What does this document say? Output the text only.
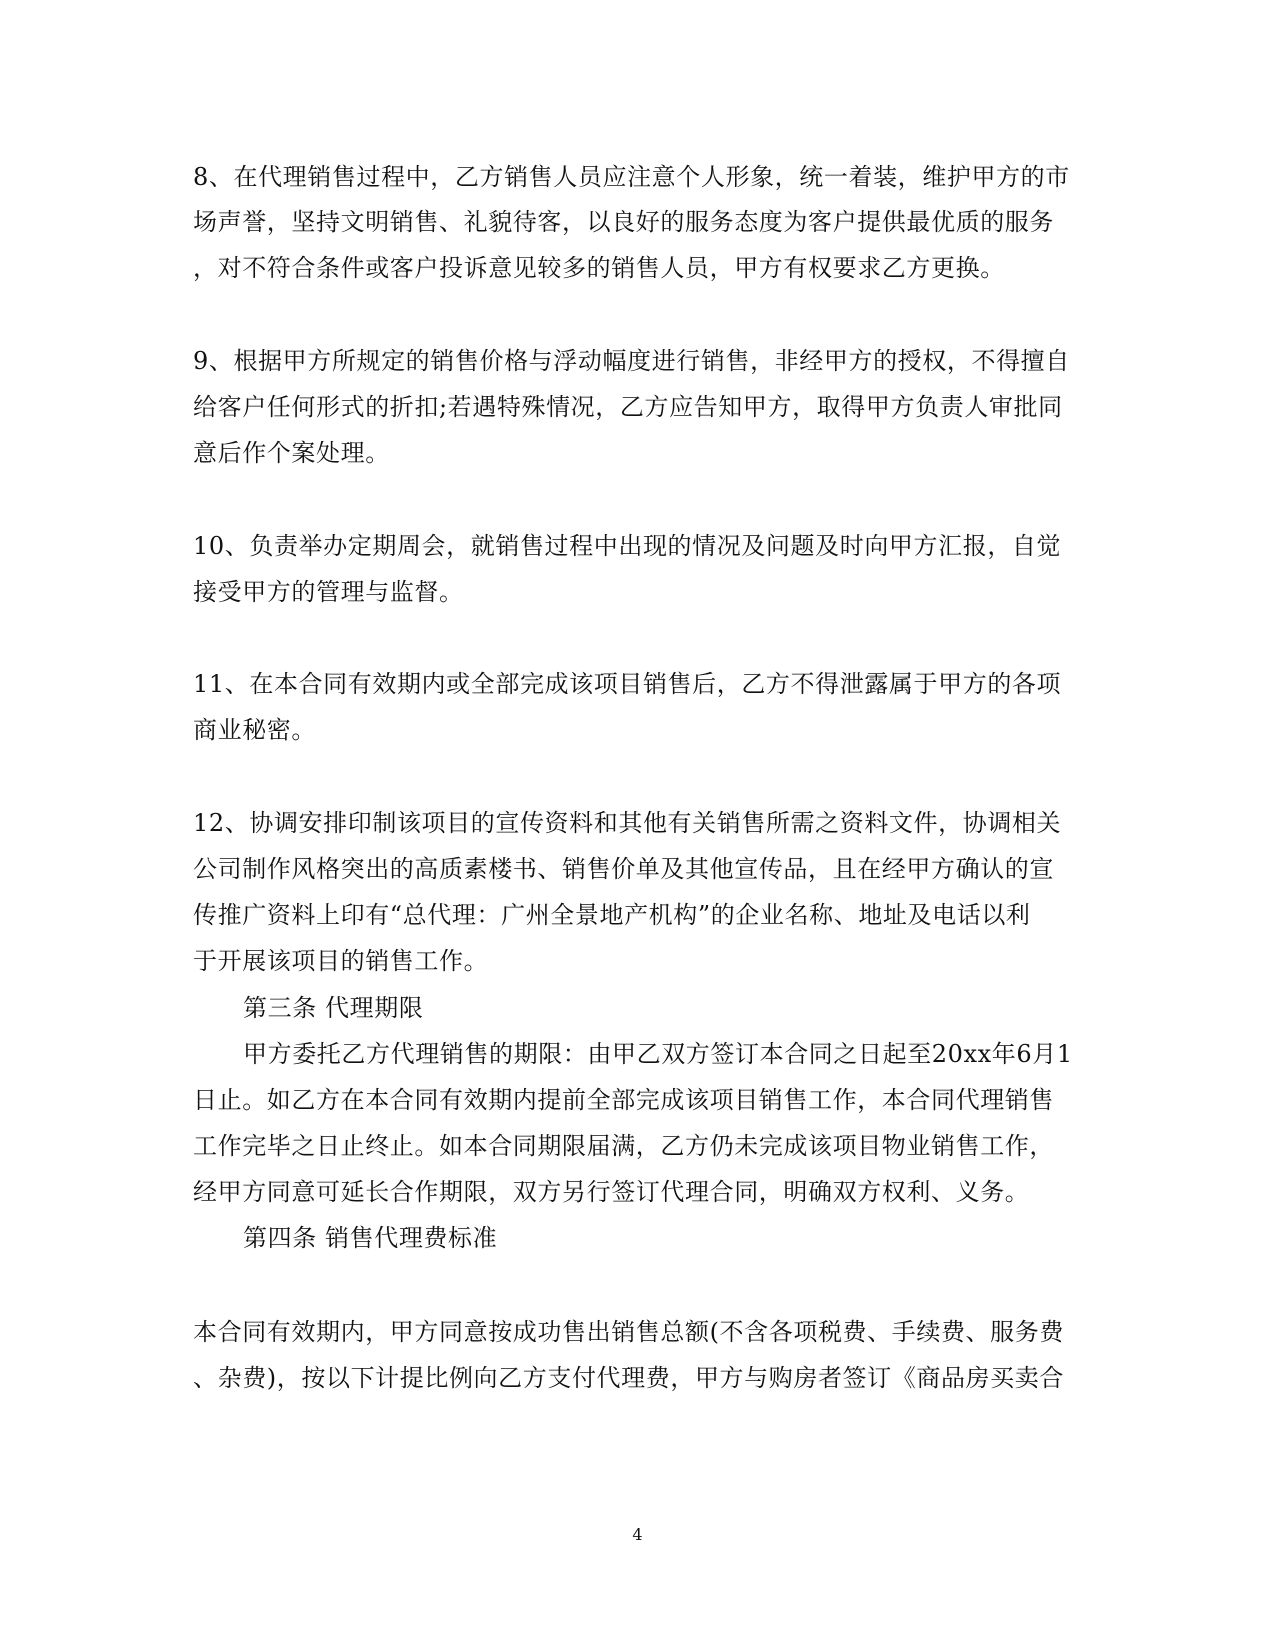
8、在代理销售过程中，乙方销售人员应注意个人形象，统一着装，维护甲方的市
场声誉，坚持文明销售、礼貌待客，以良好的服务态度为客户提供最优质的服务
，对不符合条件或客户投诉意见较多的销售人员，甲方有权要求乙方更换。
9、根据甲方所规定的销售价格与浮动幅度进行销售，非经甲方的授权，不得擅自
给客户任何形式的折扣;若遇特殊情况，乙方应告知甲方，取得甲方负责人审批同
意后作个案处理。
10、负责举办定期周会，就销售过程中出现的情况及问题及时向甲方汇报，自觉
接受甲方的管理与监督。
11、在本合同有效期内或全部完成该项目销售后，乙方不得泄露属于甲方的各项
商业秘密。
12、协调安排印制该项目的宣传资料和其他有关销售所需之资料文件，协调相关
公司制作风格突出的高质素楼书、销售价单及其他宣传品，且在经甲方确认的宣
传推广资料上印有“总代理：广州全景地产机构”的企业名称、地址及电话以利
于开展该项目的销售工作。
第三条 代理期限
甲方委托乙方代理销售的期限：由甲乙双方签订本合同之日起至20xx年6月1
日止。如乙方在本合同有效期内提前全部完成该项目销售工作，本合同代理销售
工作完毕之日止终止。如本合同期限届满，乙方仍未完成该项目物业销售工作，
经甲方同意可延长合作期限，双方另行签订代理合同，明确双方权利、义务。
第四条 销售代理费标准
本合同有效期内，甲方同意按成功售出销售总额(不含各项税费、手续费、服务费
、杂费)，按以下计提比例向乙方支付代理费，甲方与购房者签订《商品房买卖合
4
